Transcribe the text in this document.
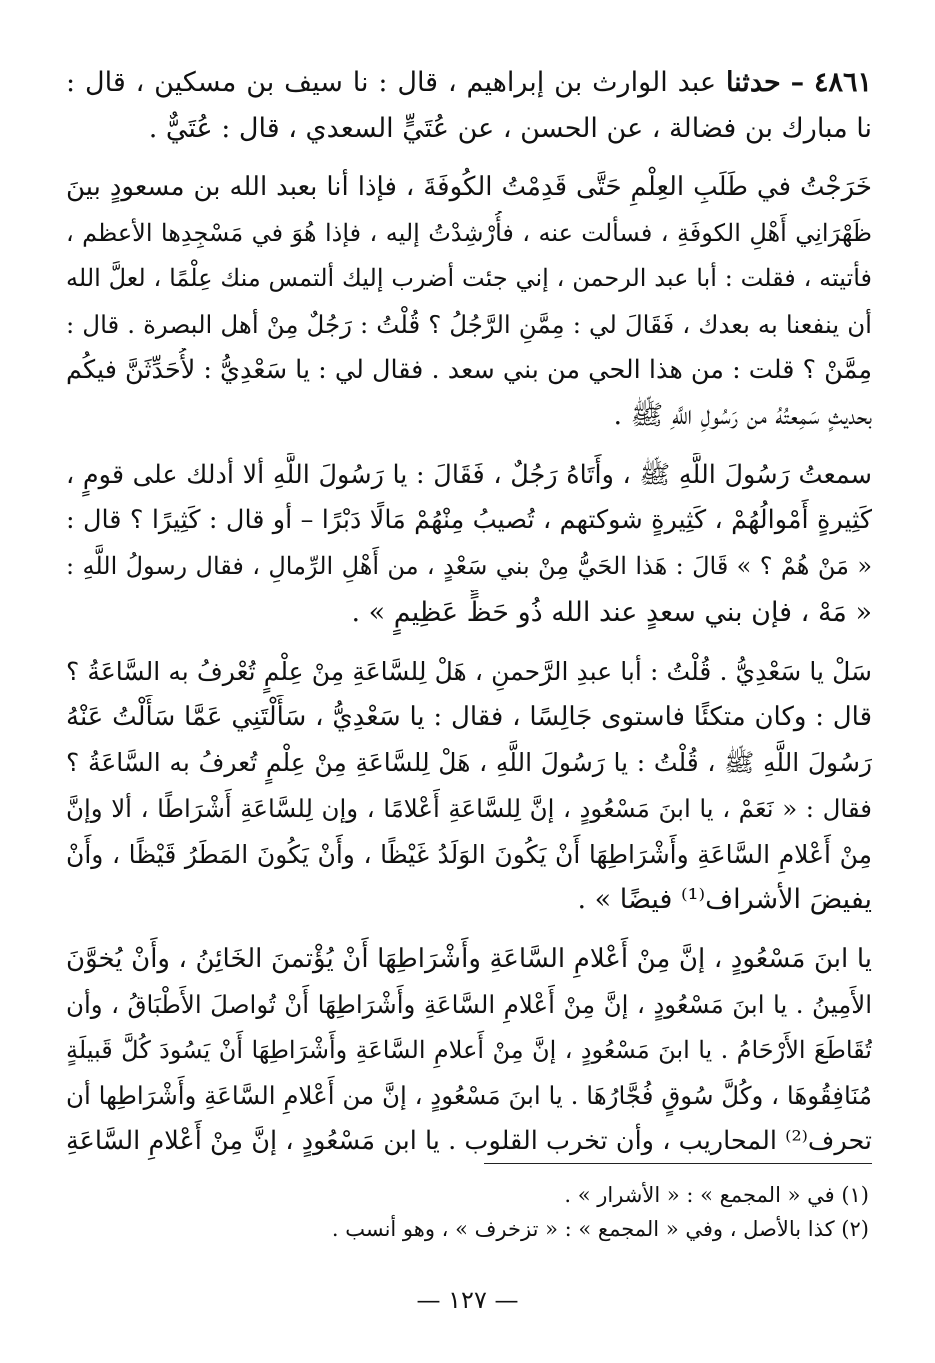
٤٨٦١ – حدثنا عبد الوارث بن إبراهيم ، قال : نا سيف بن مسكين ، قال :
نا مبارك بن فضالة ، عن الحسن ، عن عُتَيٍّ السعدي ، قال : عُتَيٌّ .
خَرَجْتُ في طَلَبِ العِلْمِ حَتَّى قَدِمْتُ الكُوفَةَ ، فإذا أنا بعبد الله بن مسعودٍ بينَ
ظَهْرَانِي أَهْلِ الكوفَةِ ، فسألت عنه ، فأُرْشِدْتُ إليه ، فإذا هُوَ في مَسْجِدِها الأعظم ،
فأتيته ، فقلت : أبا عبد الرحمن ، إني جئت أضرب إليك ألتمس منك عِلْمًا ، لعلَّ الله
أن ينفعنا به بعدك ، فَقَالَ لي : مِمَّنِ الرَّجُلُ ؟ قُلْتُ : رَجُلٌ مِنْ أهل البصرة . قال :
مِمَّنْ ؟ قلت : من هذا الحي من بني سعد . فقال لي : يا سَعْدِيُّ : لأُحَدِّثَنَّ فيكُم
بحديثٍ سَمِعتُهُ من رَسُولِ اللَّهِ ﷺ .
سمعتُ رَسُولَ اللَّهِ ﷺ ، وأَتَاهُ رَجُلٌ ، فَقَالَ : يا رَسُولَ اللَّهِ ألا أدلك على قومٍ ،
كَثِيرةٍ أَمْوالُهُمْ ، كَثِيرةٍ شوكتهم ، تُصيبُ مِنْهُمْ مَالًا دَبْرًا – أو قال : كَثِيرًا ؟ قال :
« مَنْ هُمْ ؟ » قَالَ : هَذا الحَيُّ مِنْ بني سَعْدٍ ، من أَهْلِ الرِّمالِ ، فقال رسولُ اللَّهِ :
« مَهْ ، فإن بني سعدٍ عند الله ذُو حَظٍّ عَظِيمٍ » .
سَلْ يا سَعْدِيُّ . قُلْتُ : أبا عبدِ الرَّحمنِ ، هَلْ لِلسَّاعَةِ مِنْ عِلْمٍ تُعْرفُ به السَّاعَةُ ؟
قال : وكان متكئًا فاستوى جَالِسًا ، فقال : يا سَعْدِيُّ ، سَأَلْتَنِي عَمَّا سَأَلْتُ عَنْهُ
رَسُولَ اللَّهِ ﷺ ، قُلْتُ : يا رَسُولَ اللَّهِ ، هَلْ لِلسَّاعَةِ مِنْ عِلْمٍ تُعرفُ به السَّاعَةُ ؟
فقال : « نَعَمْ ، يا ابنَ مَسْعُودٍ ، إنَّ لِلسَّاعَةِ أَعْلامًا ، وإن لِلسَّاعَةِ أَشْرَاطًا ، ألا وإنَّ
مِنْ أَعْلامِ السَّاعَةِ وأَشْرَاطِهَا أَنْ يَكُونَ الوَلَدُ غَيْظًا ، وأَنْ يَكُونَ المَطَرُ قَيْظًا ، وأَنْ
يفيضَ الأشراف⁽¹⁾ فيضًا » .
يا ابنَ مَسْعُودٍ ، إنَّ مِنْ أَعْلامِ السَّاعَةِ وأَشْرَاطِهَا أَنْ يُؤْتمنَ الخَائِنُ ، وأَنْ يُخوَّنَ
الأَمِينُ . يا ابنَ مَسْعُودٍ ، إنَّ مِنْ أَعْلامِ السَّاعَةِ وأَشْرَاطِهَا أَنْ تُواصلَ الأَطْبَاقُ ، وأن
تُقَاطَعَ الأَرْحَامُ . يا ابنَ مَسْعُودٍ ، إنَّ مِنْ أَعلامِ السَّاعَةِ وأَشْرَاطِهَا أَنْ يَسُودَ كُلَّ قَبيلَةٍ
مُنَافِقُوهَا ، وكُلَّ سُوقٍ فُجَّارُهَا . يا ابنَ مَسْعُودٍ ، إنَّ من أَعْلامِ السَّاعَةِ وأَشْرَاطِها أن
تحرف⁽²⁾ المحاريب ، وأن تخرب القلوب . يا ابن مَسْعُودٍ ، إنَّ مِنْ أَعْلامِ السَّاعَةِ
(١) في « المجمع » : « الأشرار » .
(٢) كذا بالأصل ، وفي « المجمع » : « تزخرف » ، وهو أنسب .
— ١٢٧ —
